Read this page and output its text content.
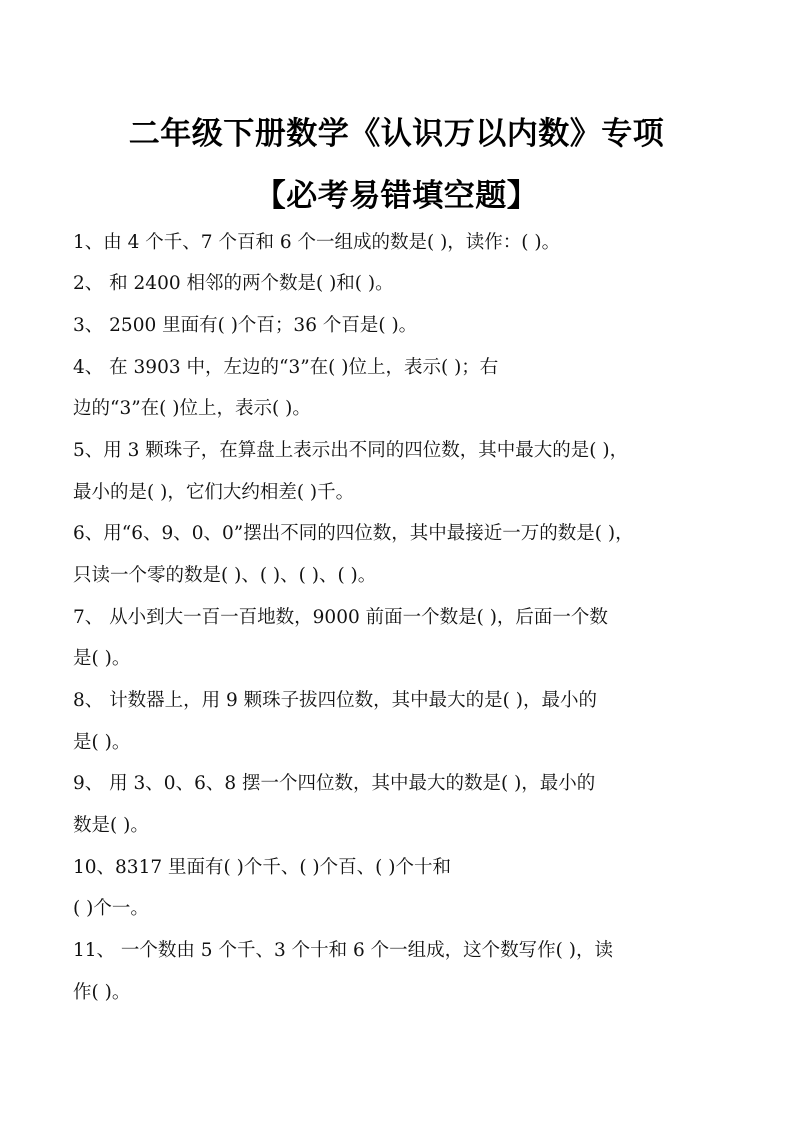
二年级下册数学《认识万以内数》专项
【必考易错填空题】
1、由 4 个千、7 个百和 6 个一组成的数是( )，读作：( )。
2、 和 2400 相邻的两个数是( )和( )。
3、 2500 里面有( )个百；36 个百是( )。
4、 在 3903 中，左边的“3”在( )位上，表示( )；右
边的“3”在( )位上，表示( )。
5、用 3 颗珠子，在算盘上表示出不同的四位数，其中最大的是( )，
最小的是( )，它们大约相差( )千。
6、用“6、9、0、0”摆出不同的四位数，其中最接近一万的数是( )，
只读一个零的数是( )、( )、( )、( )。
7、 从小到大一百一百地数，9000 前面一个数是( )，后面一个数
是( )。
8、 计数器上，用 9 颗珠子拔四位数，其中最大的是( )，最小的
是( )。
9、 用 3、0、6、8 摆一个四位数，其中最大的数是( )，最小的
数是( )。
10、8317 里面有( )个千、( )个百、( )个十和
( )个一。
11、 一个数由 5 个千、3 个十和 6 个一组成，这个数写作( )，读
作( )。
